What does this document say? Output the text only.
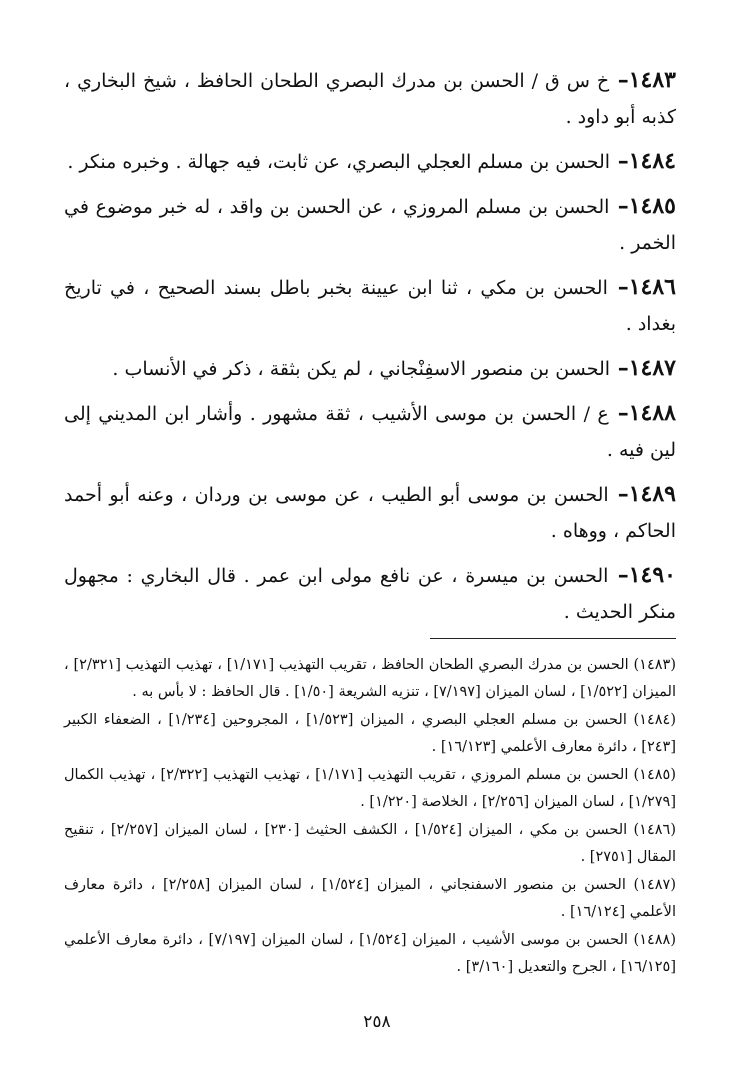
١٤٨٣– خ س ق / الحسن بن مدرك البصري الطحان الحافظ ، شيخ البخاري ، كذبه أبو داود .
١٤٨٤– الحسن بن مسلم العجلي البصري، عن ثابت، فيه جهالة . وخبره منكر .
١٤٨٥– الحسن بن مسلم المروزي ، عن الحسن بن واقد ، له خبر موضوع في الخمر .
١٤٨٦– الحسن بن مكي ، ثنا ابن عيينة بخبر باطل بسند الصحيح ، في تاريخ بغداد .
١٤٨٧– الحسن بن منصور الاسفِنْجاني ، لم يكن بثقة ، ذكر في الأنساب .
١٤٨٨– ع / الحسن بن موسى الأشيب ، ثقة مشهور . وأشار ابن المديني إلى لين فيه .
١٤٨٩– الحسن بن موسى أبو الطيب ، عن موسى بن وردان ، وعنه أبو أحمد الحاكم ، ووهاه .
١٤٩٠– الحسن بن ميسرة ، عن نافع مولى ابن عمر . قال البخاري : مجهول منكر الحديث .
(١٤٨٣) الحسن بن مدرك البصري الطحان الحافظ ، تقريب التهذيب [١/١٧١] ، تهذيب التهذيب [٢/٣٢١] ، الميزان [١/٥٢٢] ، لسان الميزان [٧/١٩٧] ، تنزيه الشريعة [١/٥٠] . قال الحافظ : لا بأس به .
(١٤٨٤) الحسن بن مسلم العجلي البصري ، الميزان [١/٥٢٣] ، المجروحين [١/٢٣٤] ، الضعفاء الكبير [٢٤٣] ، دائرة معارف الأعلمي [١٦/١٢٣] .
(١٤٨٥) الحسن بن مسلم المروزي ، تقريب التهذيب [١/١٧١] ، تهذيب التهذيب [٢/٣٢٢] ، تهذيب الكمال [١/٢٧٩] ، لسان الميزان [٢/٢٥٦] ، الخلاصة [١/٢٢٠] .
(١٤٨٦) الحسن بن مكي ، الميزان [١/٥٢٤] ، الكشف الحثيث [٢٣٠] ، لسان الميزان [٢/٢٥٧] ، تنقيح المقال [٢٧٥١] .
(١٤٨٧) الحسن بن منصور الاسفنجاني ، الميزان [١/٥٢٤] ، لسان الميزان [٢/٢٥٨] ، دائرة معارف الأعلمي [١٦/١٢٤] .
(١٤٨٨) الحسن بن موسى الأشيب ، الميزان [١/٥٢٤] ، لسان الميزان [٧/١٩٧] ، دائرة معارف الأعلمي [١٦/١٢٥] ، الجرح والتعديل [٣/١٦٠] .
٢٥٨
